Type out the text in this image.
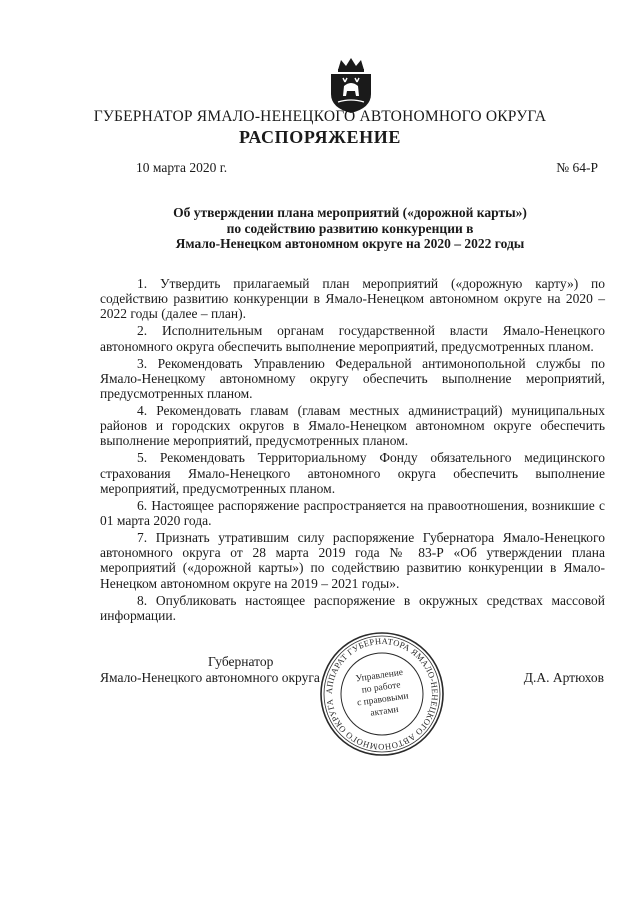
ГУБЕРНАТОР ЯМАЛО-НЕНЕЦКОГО АВТОНОМНОГО ОКРУГА
РАСПОРЯЖЕНИЕ
10 марта 2020 г.	№ 64-Р
Об утверждении плана мероприятий («дорожной карты»)
по содействию развитию конкуренции в
Ямало-Ненецком автономном округе на 2020 – 2022 годы

1. Утвердить прилагаемый план мероприятий («дорожную карту») по содействию развитию конкуренции в Ямало-Ненецком автономном округе на 2020 – 2022 годы (далее – план).

2. Исполнительным органам государственной власти Ямало-Ненецкого автономного округа обеспечить выполнение мероприятий, предусмотренных планом.

3. Рекомендовать Управлению Федеральной антимонопольной службы по Ямало-Ненецкому автономному округу обеспечить выполнение мероприятий, предусмотренных планом.

4. Рекомендовать главам (главам местных администраций) муниципальных районов и городских округов в Ямало-Ненецком автономном округе обеспечить выполнение мероприятий, предусмотренных планом.

5. Рекомендовать Территориальному Фонду обязательного медицинского страхования Ямало-Ненецкого автономного округа обеспечить выполнение мероприятий, предусмотренных планом.

6. Настоящее распоряжение распространяется на правоотношения, возникшие с 01 марта 2020 года.

7. Признать утратившим силу распоряжение Губернатора Ямало-Ненецкого автономного округа от 28 марта 2019 года № 83-Р «Об утверждении плана мероприятий («дорожной карты») по содействию развитию конкуренции в Ямало-Ненецком автономном округе на 2019 – 2021 годы».

8. Опубликовать настоящее распоряжение в окружных средствах массовой информации.

Губернатор
Ямало-Ненецкого автономного округа	Д.А. Артюхов
АППАРАТ ГУБЕРНАТОРА ЯМАЛО-НЕНЕЦКОГО АВТОНОМНОГО ОКРУГА
Управление
по работе
с правовыми
актами
